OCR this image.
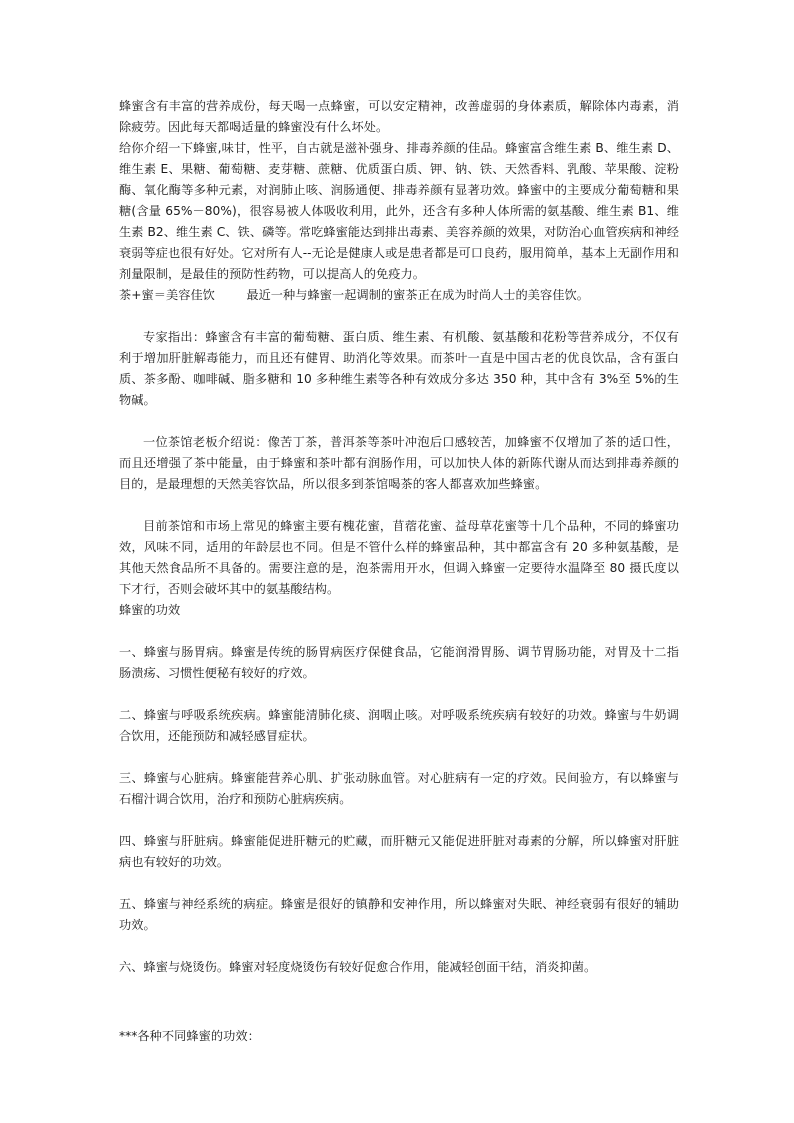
蜂蜜含有丰富的营养成份，每天喝一点蜂蜜，可以安定精神，改善虚弱的身体素质，解除体内毒素，消除疲劳。因此每天都喝适量的蜂蜜没有什么坏处。

给你介绍一下蜂蜜,味甘，性平，自古就是滋补强身、排毒养颜的佳品。蜂蜜富含维生素 B、维生素 D、维生素 E、果糖、葡萄糖、麦芽糖、蔗糖、优质蛋白质、钾、钠、铁、天然香料、乳酸、苹果酸、淀粉酶、氧化酶等多种元素，对润肺止咳、润肠通便、排毒养颜有显著功效。蜂蜜中的主要成分葡萄糖和果糖(含量 65%－80%)，很容易被人体吸收利用，此外，还含有多种人体所需的氨基酸、维生素 B1、维生素 B2、维生素 C、铁、磷等。常吃蜂蜜能达到排出毒素、美容养颜的效果，对防治心血管疾病和神经衰弱等症也很有好处。它对所有人--无论是健康人或是患者都是可口良药，服用简单，基本上无副作用和剂量限制，是最佳的预防性药物，可以提高人的免疫力。

茶+蜜＝美容佳饮        最近一种与蜂蜜一起调制的蜜茶正在成为时尚人士的美容佳饮。

专家指出：蜂蜜含有丰富的葡萄糖、蛋白质、维生素、有机酸、氨基酸和花粉等营养成分，不仅有利于增加肝脏解毒能力，而且还有健胃、助消化等效果。而茶叶一直是中国古老的优良饮品，含有蛋白质、茶多酚、咖啡碱、脂多糖和 10 多种维生素等各种有效成分多达 350 种，其中含有 3%至 5%的生物碱。

一位茶馆老板介绍说：像苦丁茶，普洱茶等茶叶冲泡后口感较苦，加蜂蜜不仅增加了茶的适口性，而且还增强了茶中能量，由于蜂蜜和茶叶都有润肠作用，可以加快人体的新陈代谢从而达到排毒养颜的目的，是最理想的天然美容饮品，所以很多到茶馆喝茶的客人都喜欢加些蜂蜜。

目前茶馆和市场上常见的蜂蜜主要有槐花蜜，苜蓿花蜜、益母草花蜜等十几个品种，不同的蜂蜜功效，风味不同，适用的年龄层也不同。但是不管什么样的蜂蜜品种，其中都富含有 20 多种氨基酸，是其他天然食品所不具备的。需要注意的是，泡茶需用开水，但调入蜂蜜一定要待水温降至 80 摄氏度以下才行，否则会破坏其中的氨基酸结构。

蜂蜜的功效

一、蜂蜜与肠胃病。蜂蜜是传统的肠胃病医疗保健食品，它能润滑胃肠、调节胃肠功能，对胃及十二指肠溃疡、习惯性便秘有较好的疗效。

二、蜂蜜与呼吸系统疾病。蜂蜜能清肺化痰、润咽止咳。对呼吸系统疾病有较好的功效。蜂蜜与牛奶调合饮用，还能预防和减轻感冒症状。

三、蜂蜜与心脏病。蜂蜜能营养心肌、扩张动脉血管。对心脏病有一定的疗效。民间验方，有以蜂蜜与石榴汁调合饮用，治疗和预防心脏病疾病。

四、蜂蜜与肝脏病。蜂蜜能促进肝糖元的贮藏，而肝糖元又能促进肝脏对毒素的分解，所以蜂蜜对肝脏病也有较好的功效。

五、蜂蜜与神经系统的病症。蜂蜜是很好的镇静和安神作用，所以蜂蜜对失眠、神经衰弱有很好的辅助功效。

六、蜂蜜与烧烫伤。蜂蜜对轻度烧烫伤有较好促愈合作用，能减轻创面干结，消炎抑菌。

***各种不同蜂蜜的功效：
